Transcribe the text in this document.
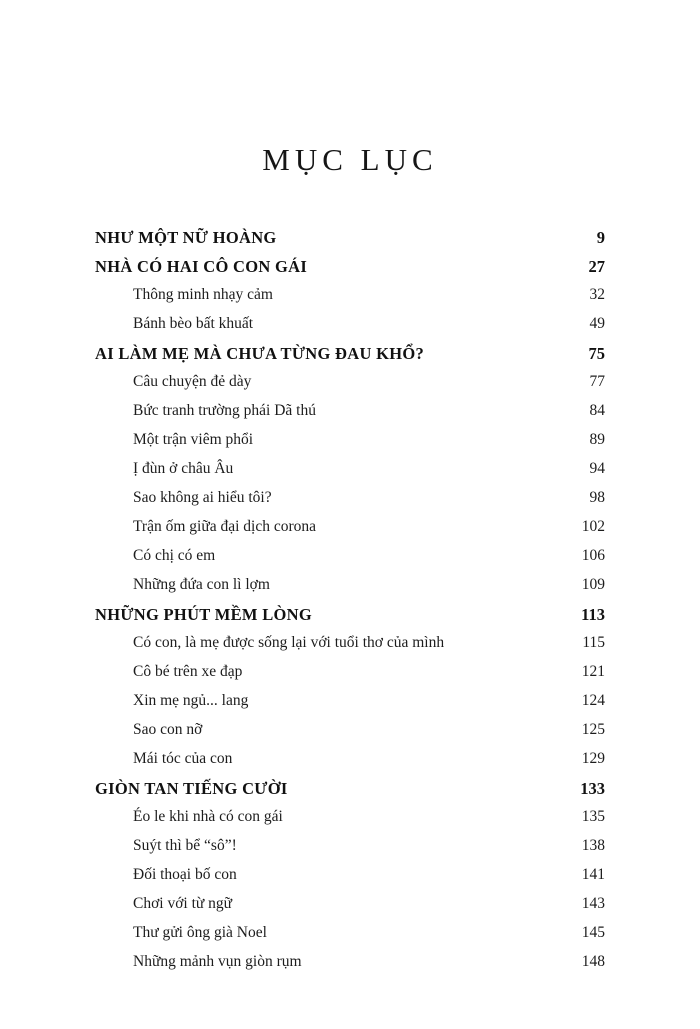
MỤC LỤC
NHƯ MỘT NỮ HOÀNG	9
NHÀ CÓ HAI CÔ CON GÁI	27
Thông minh nhạy cảm	32
Bánh bèo bất khuất	49
AI LÀM MẸ MÀ CHƯA TỪNG ĐAU KHỔ?	75
Câu chuyện đẻ dày	77
Bức tranh trường phái Dã thú	84
Một trận viêm phổi	89
Ị đùn ở châu Âu	94
Sao không ai hiểu tôi?	98
Trận ốm giữa đại dịch corona	102
Có chị có em	106
Những đứa con lì lợm	109
NHỮNG PHÚT MỀM LÒNG	113
Có con, là mẹ được sống lại với tuổi thơ của mình	115
Cô bé trên xe đạp	121
Xin mẹ ngủ... lang	124
Sao con nỡ	125
Mái tóc của con	129
GIÒN TAN TIẾNG CƯỜI	133
Éo le khi nhà có con gái	135
Suýt thì bể “sô”!	138
Đối thoại bố con	141
Chơi với từ ngữ	143
Thư gửi ông già Noel	145
Những mảnh vụn giòn rụm	148
